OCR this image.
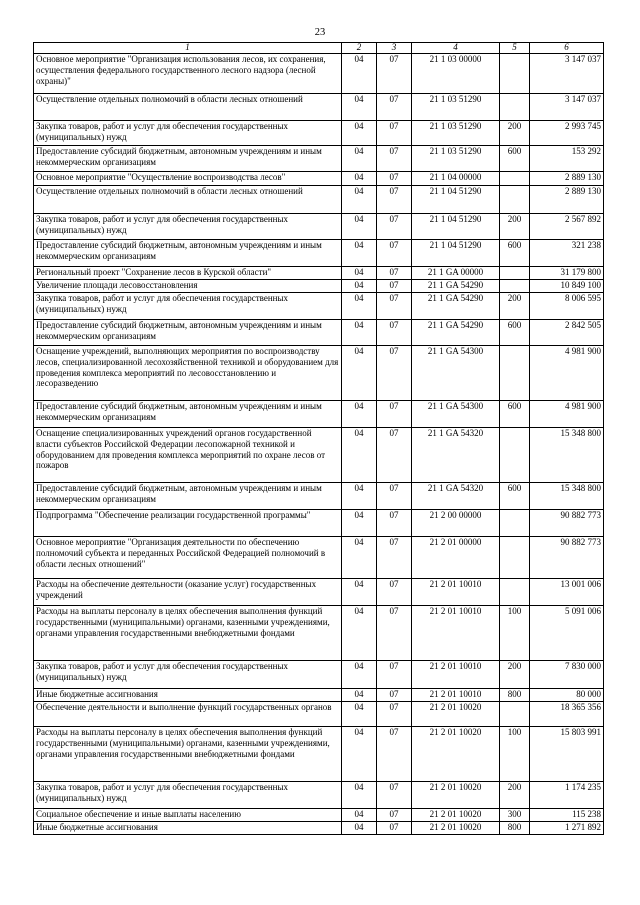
23
1	2	3	4	5	6
Основное мероприятие "Организация использования лесов, их сохранения, осуществления федерального государственного лесного надзора (лесной охраны)"	04	07	21 1 03 00000		3 147 037
Осуществление отдельных полномочий в области лесных отношений	04	07	21 1 03 51290		3 147 037
Закупка товаров, работ и услуг для обеспечения государственных (муниципальных) нужд	04	07	21 1 03 51290	200	2 993 745
Предоставление субсидий бюджетным, автономным учреждениям и иным некоммерческим организациям	04	07	21 1 03 51290	600	153 292
Основное мероприятие "Осуществление воспроизводства лесов"	04	07	21 1 04 00000		2 889 130
Осуществление отдельных полномочий в области лесных отношений	04	07	21 1 04 51290		2 889 130
Закупка товаров, работ и услуг для обеспечения государственных (муниципальных) нужд	04	07	21 1 04 51290	200	2 567 892
Предоставление субсидий бюджетным, автономным учреждениям и иным некоммерческим организациям	04	07	21 1 04 51290	600	321 238
Региональный проект "Сохранение лесов в Курской области"	04	07	21 1 GA 00000		31 179 800
Увеличение площади лесовосстановления	04	07	21 1 GA 54290		10 849 100
Закупка товаров, работ и услуг для обеспечения государственных (муниципальных) нужд	04	07	21 1 GA 54290	200	8 006 595
Предоставление субсидий бюджетным, автономным учреждениям и иным некоммерческим организациям	04	07	21 1 GA 54290	600	2 842 505
Оснащение учреждений, выполняющих мероприятия по воспроизводству лесов, специализированной лесохозяйственной техникой и оборудованием для проведения комплекса мероприятий по лесовосстановлению и лесоразведению	04	07	21 1 GA 54300		4 981 900
Предоставление субсидий бюджетным, автономным учреждениям и иным некоммерческим организациям	04	07	21 1 GA 54300	600	4 981 900
Оснащение специализированных учреждений органов государственной власти субъектов Российской Федерации лесопожарной техникой и оборудованием для проведения комплекса мероприятий по охране лесов от пожаров	04	07	21 1 GA 54320		15 348 800
Предоставление субсидий бюджетным, автономным учреждениям и иным некоммерческим организациям	04	07	21 1 GA 54320	600	15 348 800
Подпрограмма "Обеспечение реализации государственной программы"	04	07	21 2 00 00000		90 882 773
Основное мероприятие "Организация деятельности по обеспечению полномочий субъекта и переданных Российской Федерацией полномочий в области лесных отношений"	04	07	21 2 01 00000		90 882 773
Расходы на обеспечение деятельности (оказание услуг) государственных учреждений	04	07	21 2 01 10010		13 001 006
Расходы на выплаты персоналу в целях обеспечения выполнения функций государственными (муниципальными) органами, казенными учреждениями, органами управления государственными внебюджетными фондами	04	07	21 2 01 10010	100	5 091 006
Закупка товаров, работ и услуг для обеспечения государственных (муниципальных) нужд	04	07	21 2 01 10010	200	7 830 000
Иные бюджетные ассигнования	04	07	21 2 01 10010	800	80 000
Обеспечение деятельности и выполнение функций государственных органов	04	07	21 2 01 10020		18 365 356
Расходы на выплаты персоналу в целях обеспечения выполнения функций государственными (муниципальными) органами, казенными учреждениями, органами управления государственными внебюджетными фондами	04	07	21 2 01 10020	100	15 803 991
Закупка товаров, работ и услуг для обеспечения государственных (муниципальных) нужд	04	07	21 2 01 10020	200	1 174 235
Социальное обеспечение и иные выплаты населению	04	07	21 2 01 10020	300	115 238
Иные бюджетные ассигнования	04	07	21 2 01 10020	800	1 271 892
